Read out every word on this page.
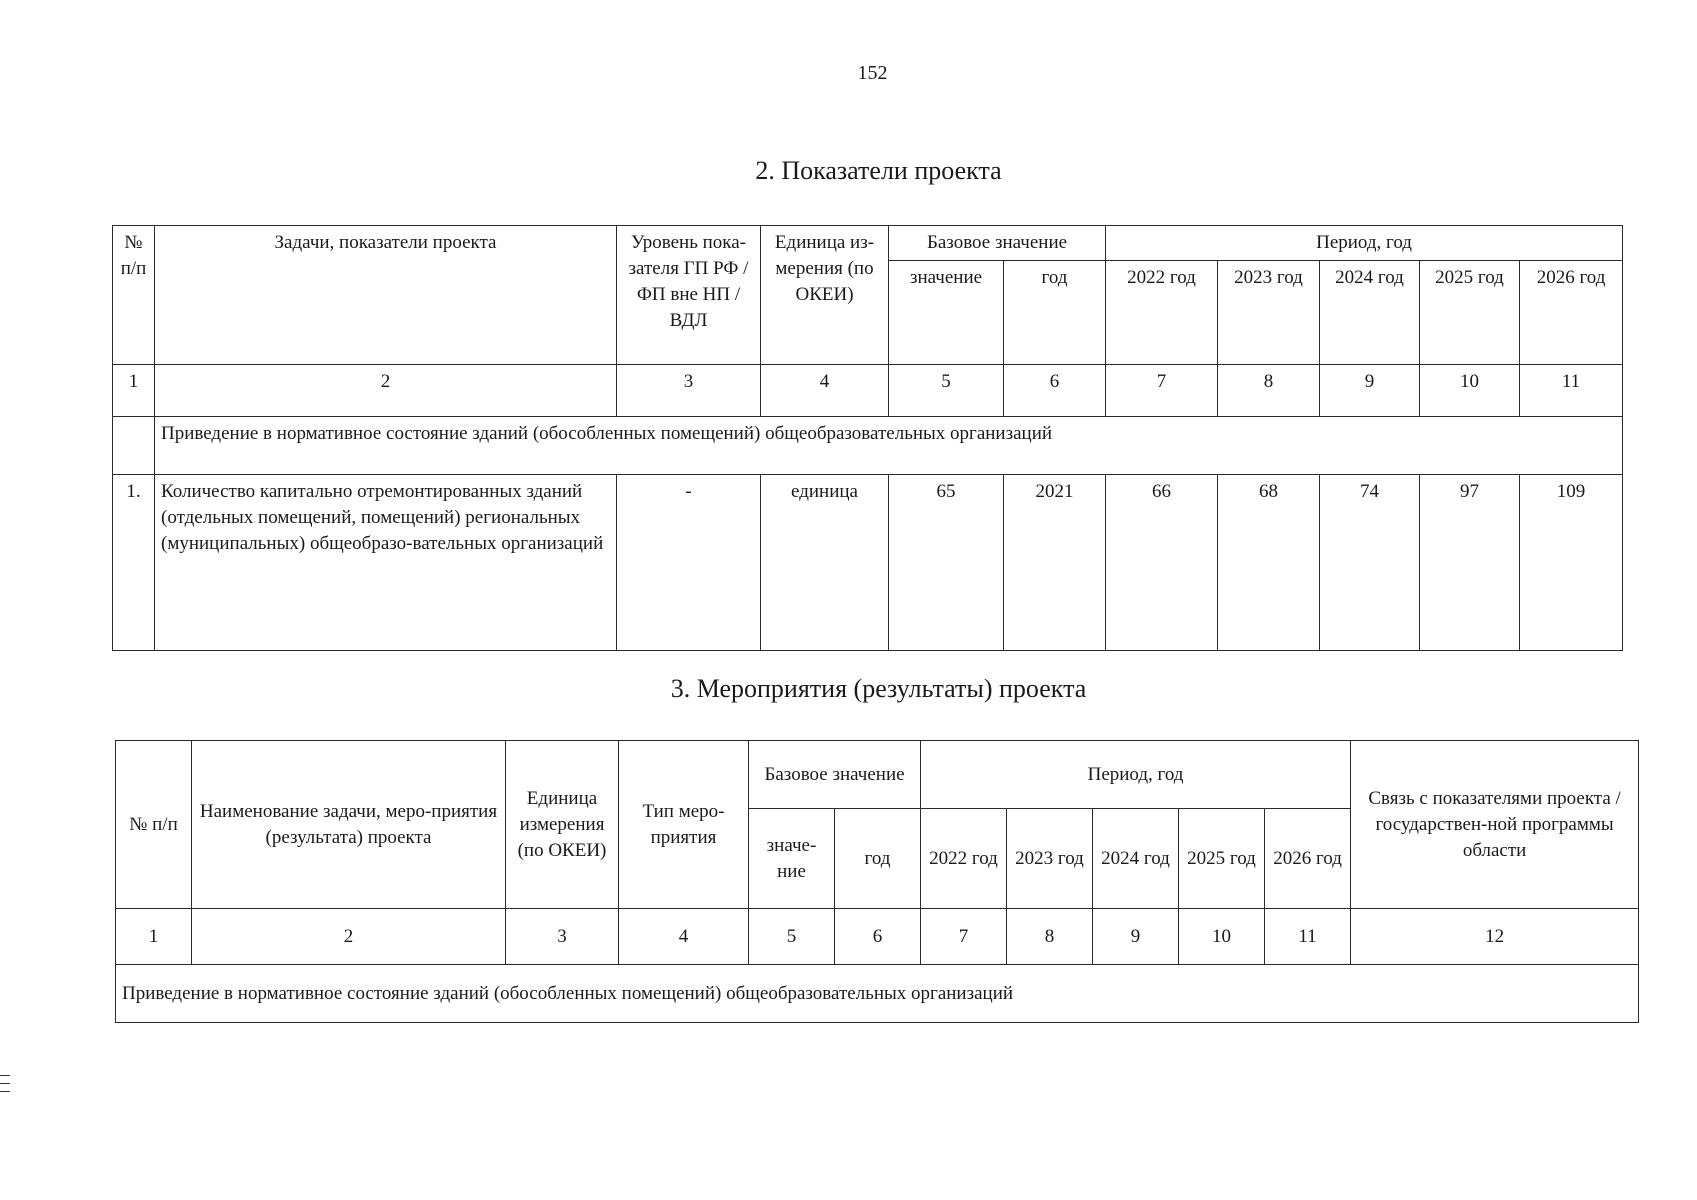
152
2. Показатели проекта
№ п/п	Задачи, показатели проекта	Уровень пока-зателя ГП РФ / ФП вне НП / ВДЛ	Единица из-мерения (по ОКЕИ)	Базовое значение		Период, год				
				значение	год	2022 год	2023 год	2024 год	2025 год	2026 год
1	2	3	4	5	6	7	8	9	10	11
	Приведение в нормативное состояние зданий (обособленных помещений) общеобразовательных организаций									
1.	Количество капитально отремонтированных зданий (отдельных помещений, помещений) региональных (муниципальных) общеобразо-вательных организаций	-	единица	65	2021	66	68	74	97	109
3. Мероприятия (результаты) проекта
№ п/п	Наименование задачи, меро-приятия (результата) проекта	Единица измерения (по ОКЕИ)	Тип меро-приятия	Базовое значение		Период, год					Связь с показателями проекта / государствен-ной программы области
				значе-ние	год	2022 год	2023 год	2024 год	2025 год	2026 год	
1	2	3	4	5	6	7	8	9	10	11	12
Приведение в нормативное состояние зданий (обособленных помещений) общеобразовательных организаций											
